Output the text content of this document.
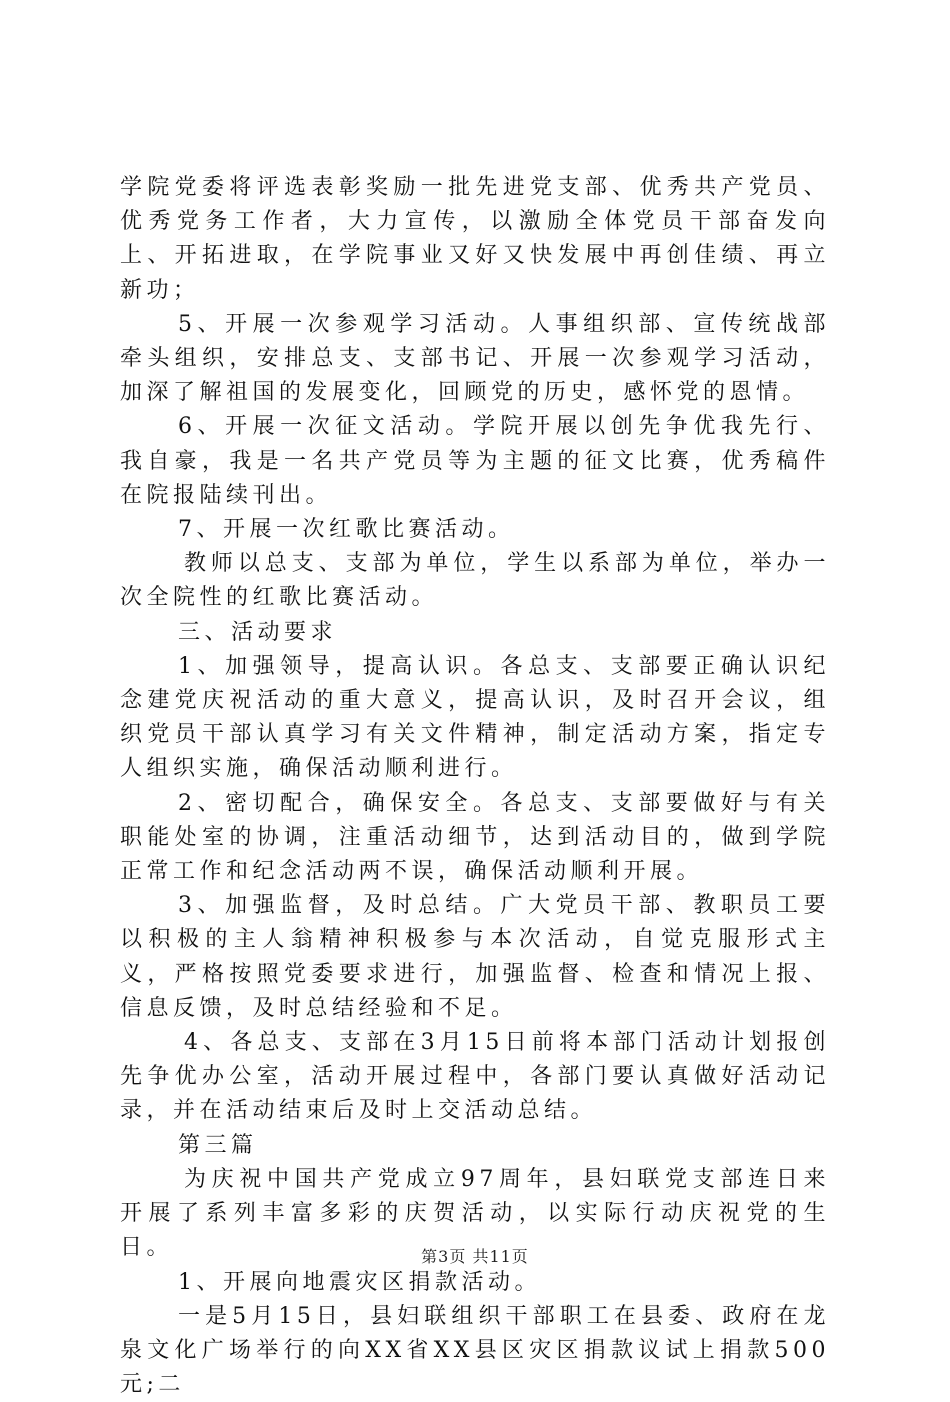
学院党委将评选表彰奖励一批先进党支部、优秀共产党员、优秀党务工作者，大力宣传，以激励全体党员干部奋发向上、开拓进取，在学院事业又好又快发展中再创佳绩、再立新功；

5、开展一次参观学习活动。人事组织部、宣传统战部牵头组织，安排总支、支部书记、开展一次参观学习活动，加深了解祖国的发展变化，回顾党的历史，感怀党的恩情。

6、开展一次征文活动。学院开展以创先争优我先行、我自豪，我是一名共产党员等为主题的征文比赛，优秀稿件在院报陆续刊出。

7、开展一次红歌比赛活动。

教师以总支、支部为单位，学生以系部为单位，举办一次全院性的红歌比赛活动。

三、活动要求

1、加强领导，提高认识。各总支、支部要正确认识纪念建党庆祝活动的重大意义，提高认识，及时召开会议，组织党员干部认真学习有关文件精神，制定活动方案，指定专人组织实施，确保活动顺利进行。

2、密切配合，确保安全。各总支、支部要做好与有关职能处室的协调，注重活动细节，达到活动目的，做到学院正常工作和纪念活动两不误，确保活动顺利开展。

3、加强监督，及时总结。广大党员干部、教职员工要以积极的主人翁精神积极参与本次活动，自觉克服形式主义，严格按照党委要求进行，加强监督、检查和情况上报、信息反馈，及时总结经验和不足。

4、各总支、支部在3月15日前将本部门活动计划报创先争优办公室，活动开展过程中，各部门要认真做好活动记录，并在活动结束后及时上交活动总结。

第三篇

为庆祝中国共产党成立97周年，县妇联党支部连日来开展了系列丰富多彩的庆贺活动，以实际行动庆祝党的生日。

1、开展向地震灾区捐款活动。

一是5月15日，县妇联组织干部职工在县委、政府在龙泉文化广场举行的向XX省XX县区灾区捐款议试上捐款500元;二

第3页 共11页
